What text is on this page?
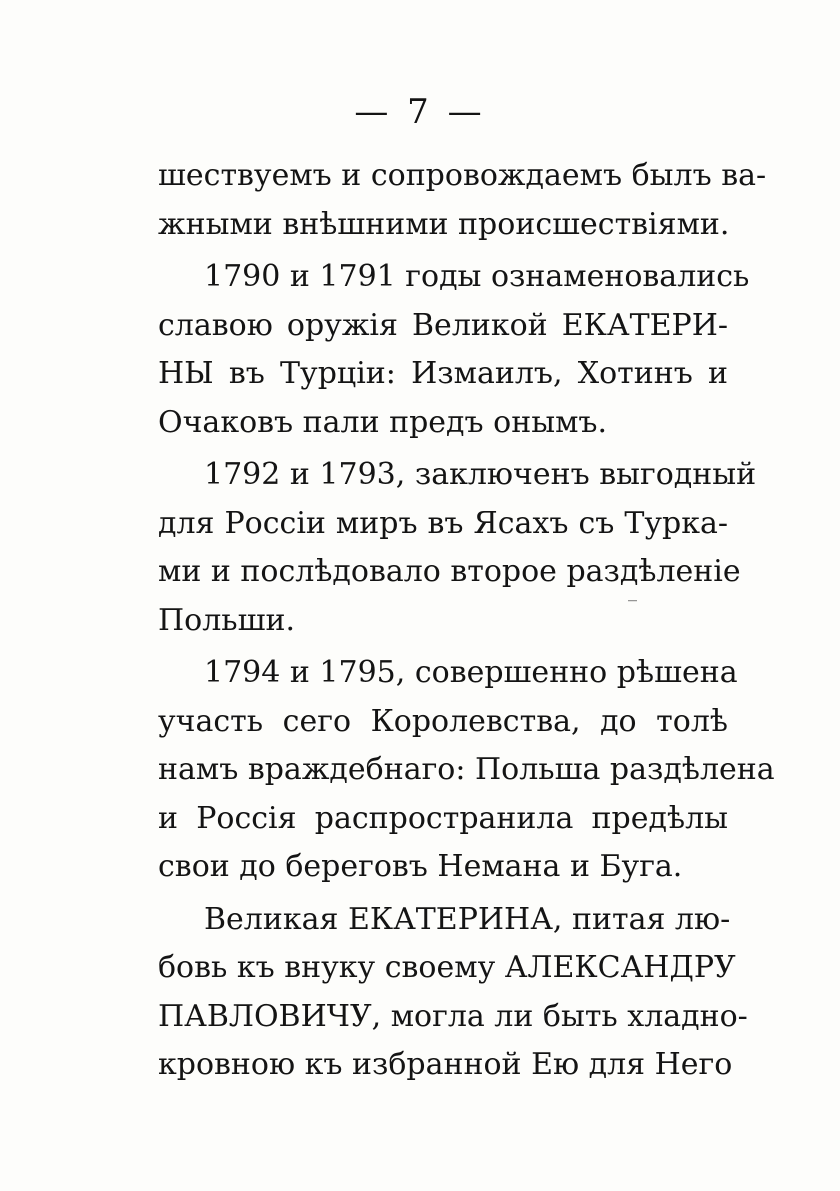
— 7 —
шествуемъ и сопровождаемъ былъ ва-
жными внѣшними происшествіями.
1790 и 1791 годы ознаменовались
славою оружія Великой ЕКАТЕРИ-
НЫ въ Турціи: Измаилъ, Хотинъ и
Очаковъ пали предъ онымъ.
1792 и 1793, заключенъ выгодный
для Россіи миръ въ Ясахъ съ Турка-
ми и послѣдовало второе раздѣленіе
Польши.
1794 и 1795, совершенно рѣшена
участь сего Королевства, до толѣ
намъ враждебнаго: Польша раздѣлена
и Россія распространила предѣлы
свои до береговъ Немана и Буга.
Великая ЕКАТЕРИНА, питая лю-
бовь къ внуку своему АЛЕКСАНДРУ
ПАВЛОВИЧУ, могла ли быть хладно-
кровною къ избранной Ею для Него
‾
